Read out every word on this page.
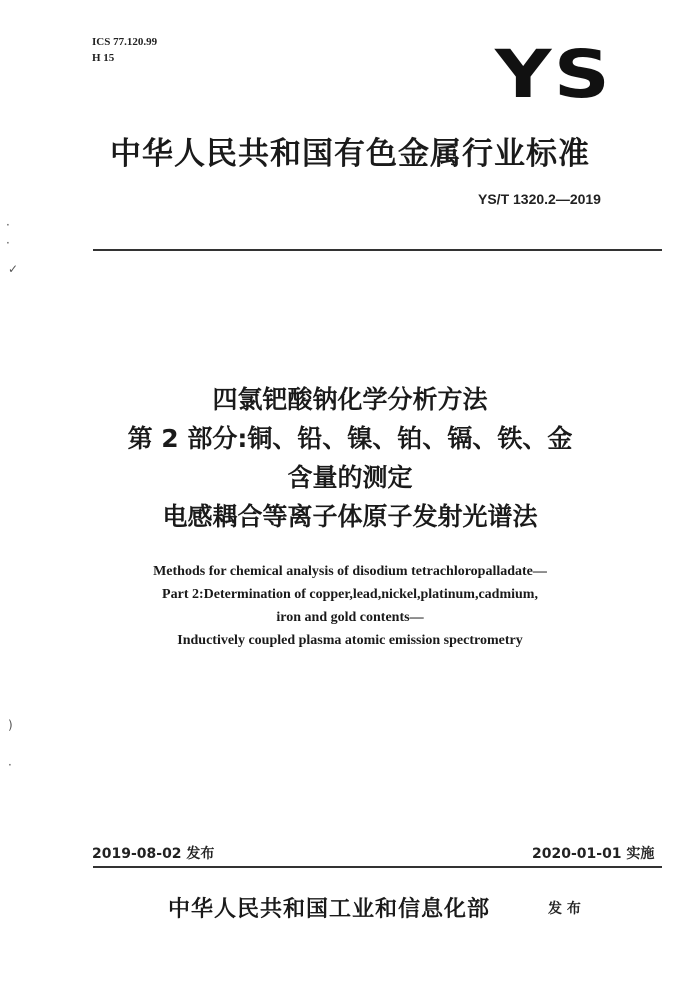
ICS 77.120.99
H 15	YS
中华人民共和国有色金属行业标准
YS/T 1320.2—2019
·
·
✓
)
·
四氯钯酸钠化学分析方法
第 2 部分:铜、铅、镍、铂、镉、铁、金
含量的测定
电感耦合等离子体原子发射光谱法
Methods for chemical analysis of disodium tetrachloropalladate—
Part 2:Determination of copper,lead,nickel,platinum,cadmium,
iron and gold contents—
Inductively coupled plasma atomic emission spectrometry
2019-08-02 发布	2020-01-01 实施
中华人民共和国工业和信息化部	发 布
